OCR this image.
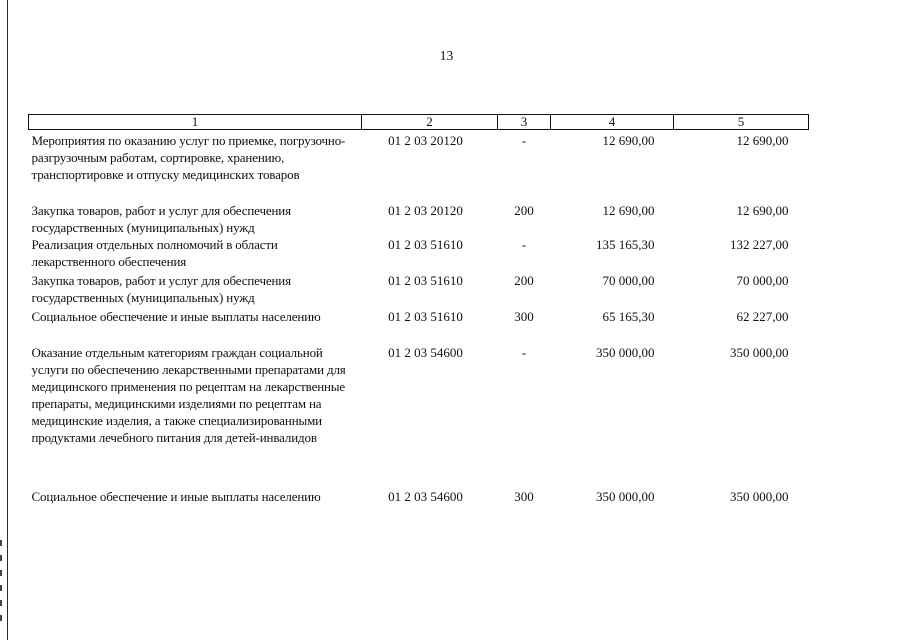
13
1	2	3	4	5
Мероприятия по оказанию услуг по приемке, погрузочно-разгрузочным работам, сортировке, хранению, транспортировке и отпуску медицинских товаров	01 2 03 20120	-	12 690,00	12 690,00
Закупка товаров, работ и услуг для обеспечения государственных (муниципальных) нужд	01 2 03 20120	200	12 690,00	12 690,00
Реализация отдельных полномочий в области лекарственного обеспечения	01 2 03 51610	-	135 165,30	132 227,00
Закупка товаров, работ и услуг для обеспечения государственных (муниципальных) нужд	01 2 03 51610	200	70 000,00	70 000,00
Социальное обеспечение и иные выплаты населению	01 2 03 51610	300	65 165,30	62 227,00
Оказание отдельным категориям граждан социальной услуги по обеспечению лекарственными препаратами для медицинского применения по рецептам на лекарственные препараты, медицинскими изделиями по рецептам на медицинские изделия, а также специализированными продуктами лечебного питания для детей-инвалидов	01 2 03 54600	-	350 000,00	350 000,00
Социальное обеспечение и иные выплаты населению	01 2 03 54600	300	350 000,00	350 000,00
